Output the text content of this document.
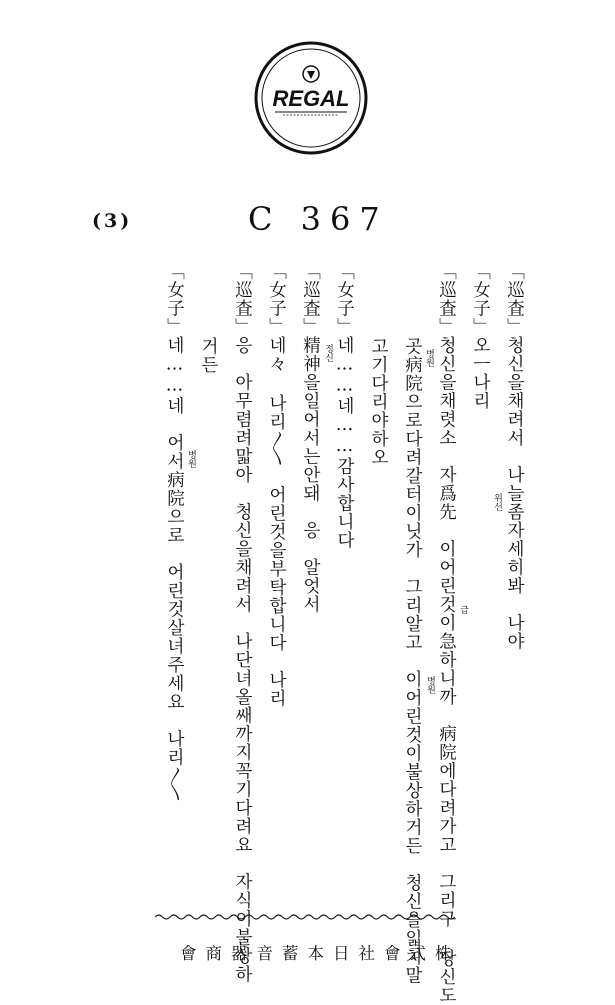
REGAL
(3)	C 367
「巡査」청신을채려서　나늘좀자세히봐　나야
「女子」오ㅡ나리
「巡査」청신을채렷소　자爲先　이어린것이急하니까　病院에다려가고　그리구 당신도
곳病院으로다려갈터이닛가　그리알고　이어린것이불상하거든　청신을읿치말
고기다리야하오
「女子」네……네……감사합니다
「巡査」精神을일어서는안돼　응　알엇서
「女子」네々 나리〳〵　어린것을부탁합니다　나리
「巡査」응　아무렴려맓아　청신을채려서　나단녀올쌔까지꼭기다려요　자식이불상하
거든
「女子」네……네　어서病院으로　어린것살녀주세요　나리〳〵	위선
급
병원
병원
정신
병원
會商器音蓄本日社會式株
